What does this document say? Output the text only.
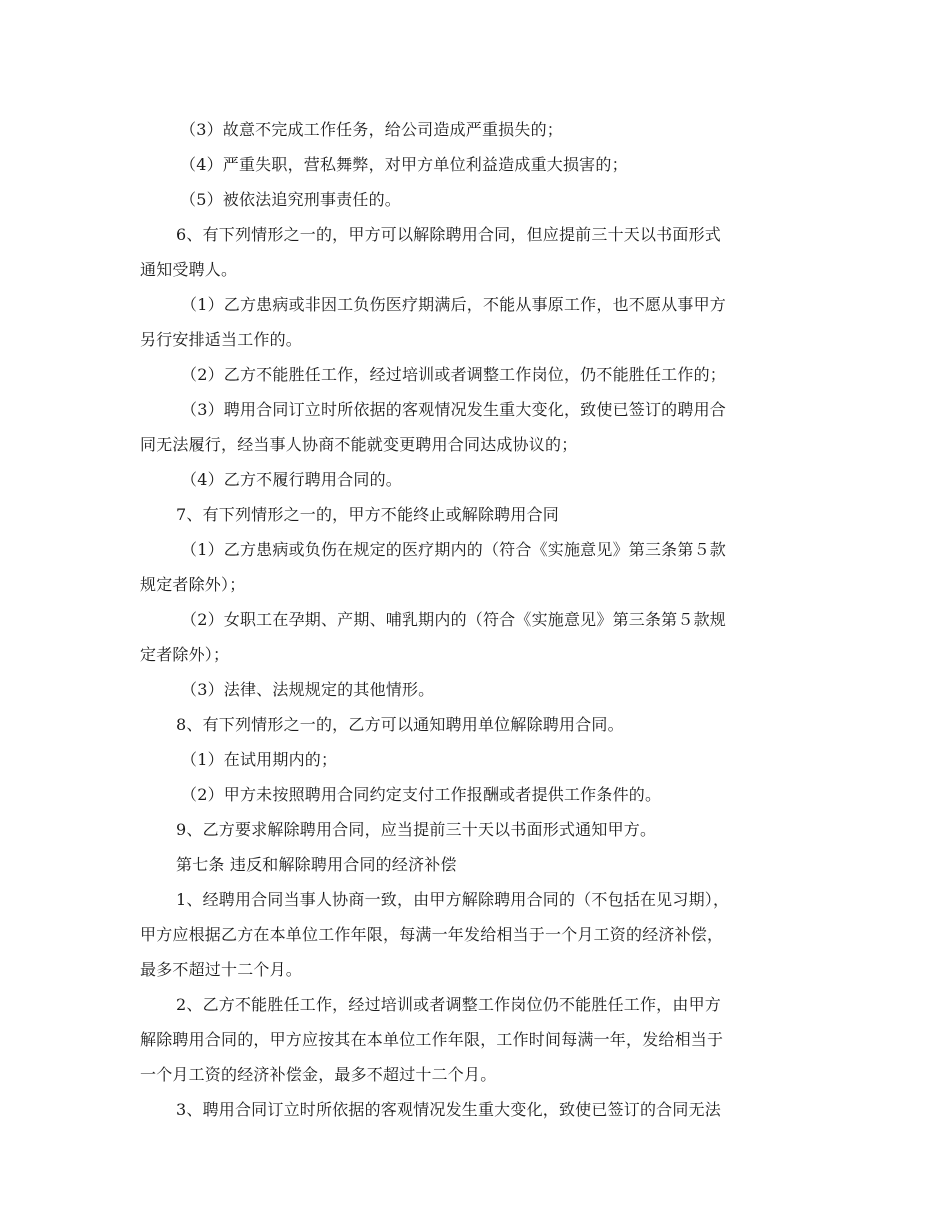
（3）故意不完成工作任务，给公司造成严重损失的；
（4）严重失职，营私舞弊，对甲方单位利益造成重大损害的；
（5）被依法追究刑事责任的。
6、有下列情形之一的，甲方可以解除聘用合同，但应提前三十天以书面形式
通知受聘人。
（1）乙方患病或非因工负伤医疗期满后，不能从事原工作，也不愿从事甲方
另行安排适当工作的。
（2）乙方不能胜任工作，经过培训或者调整工作岗位，仍不能胜任工作的；
（3）聘用合同订立时所依据的客观情况发生重大变化，致使已签订的聘用合
同无法履行，经当事人协商不能就变更聘用合同达成协议的；
（4）乙方不履行聘用合同的。
7、有下列情形之一的，甲方不能终止或解除聘用合同
（1）乙方患病或负伤在规定的医疗期内的（符合《实施意见》第三条第５款
规定者除外）；
（2）女职工在孕期、产期、哺乳期内的（符合《实施意见》第三条第５款规
定者除外）；
（3）法律、法规规定的其他情形。
8、有下列情形之一的，乙方可以通知聘用单位解除聘用合同。
（1）在试用期内的；
（2）甲方未按照聘用合同约定支付工作报酬或者提供工作条件的。
9、乙方要求解除聘用合同，应当提前三十天以书面形式通知甲方。
第七条 违反和解除聘用合同的经济补偿
1、经聘用合同当事人协商一致，由甲方解除聘用合同的（不包括在见习期），
甲方应根据乙方在本单位工作年限，每满一年发给相当于一个月工资的经济补偿，
最多不超过十二个月。
2、乙方不能胜任工作，经过培训或者调整工作岗位仍不能胜任工作，由甲方
解除聘用合同的，甲方应按其在本单位工作年限，工作时间每满一年，发给相当于
一个月工资的经济补偿金，最多不超过十二个月。
3、聘用合同订立时所依据的客观情况发生重大变化，致使已签订的合同无法
